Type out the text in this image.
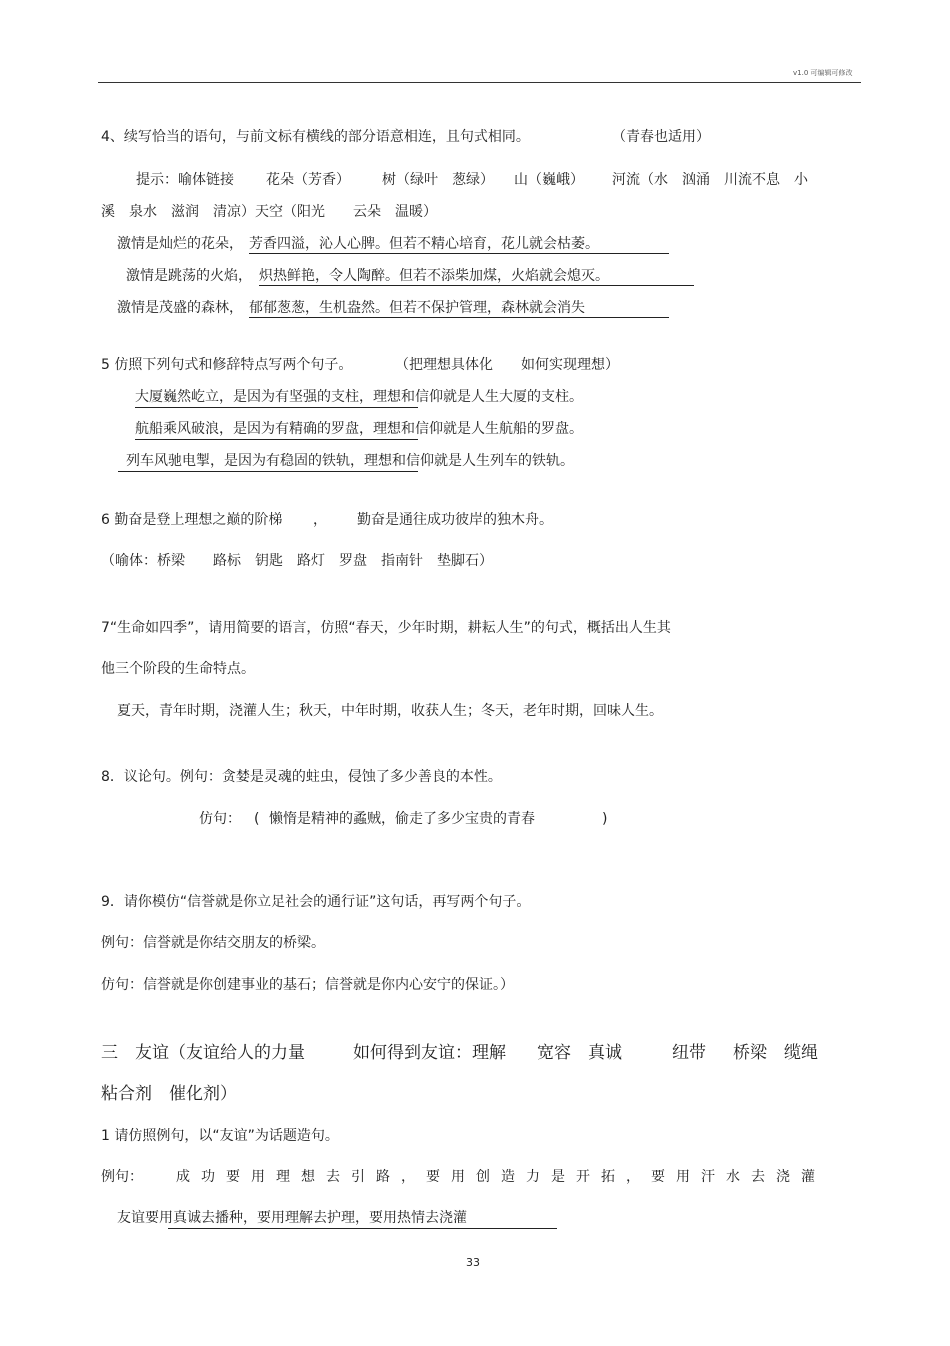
v1.0 可编辑可修改
4、续写恰当的语句，与前文标有横线的部分语意相连，且句式相同。	（青春也适用）
提示：喻体链接 花朵（芳香） 树（绿叶　葱绿） 山（巍峨） 河流（水　汹涌　川流不息　小
溪　泉水　滋润　清凉）天空（阳光　　云朵　温暖）
激情是灿烂的花朵， 芳香四溢，沁人心脾。但若不精心培育，花儿就会枯萎。
激情是跳荡的火焰， 炽热鲜艳，令人陶醉。但若不添柴加煤，火焰就会熄灭。
激情是茂盛的森林， 郁郁葱葱，生机盎然。但若不保护管理，森林就会消失
5 仿照下列句式和修辞特点写两个句子。	（把理想具体化　　如何实现理想）
大厦巍然屹立，是因为有坚强的支柱，理想和信仰就是人生大厦的支柱。
航船乘风破浪，是因为有精确的罗盘，理想和信仰就是人生航船的罗盘。
列车风驰电掣，是因为有稳固的铁轨，理想和信仰就是人生列车的铁轨。
6 勤奋是登上理想之巅的阶梯 ， 勤奋是通往成功彼岸的独木舟。
（喻体：桥梁　　路标　钥匙　路灯　罗盘　指南针　垫脚石）
7“生命如四季”，请用简要的语言，仿照“春天，少年时期，耕耘人生”的句式，概括出人生其
他三个阶段的生命特点。
夏天，青年时期，浇灌人生；秋天，中年时期，收获人生；冬天，老年时期，回味人生。
8．议论句。例句：贪婪是灵魂的蛀虫，侵蚀了多少善良的本性。
仿句： ( 懒惰是精神的蟊贼，偷走了多少宝贵的青春	)
9．请你模仿“信誉就是你立足社会的通行证”这句话，再写两个句子。
例句：信誉就是你结交朋友的桥梁。
仿句：信誉就是你创建事业的基石；信誉就是你内心安宁的保证。）
三　友谊（友谊给人的力量	如何得到友谊：理解 宽容　真诚	纽带 桥梁　缆绳
粘合剂　催化剂）
1 请仿照例句，以“友谊”为话题造句。
例句： 成功要用理想去引路，要用创造力是开拓，要用汗水去浇灌
友谊要用真诚去播种，要用理解去护理，要用热情去浇灌
33
